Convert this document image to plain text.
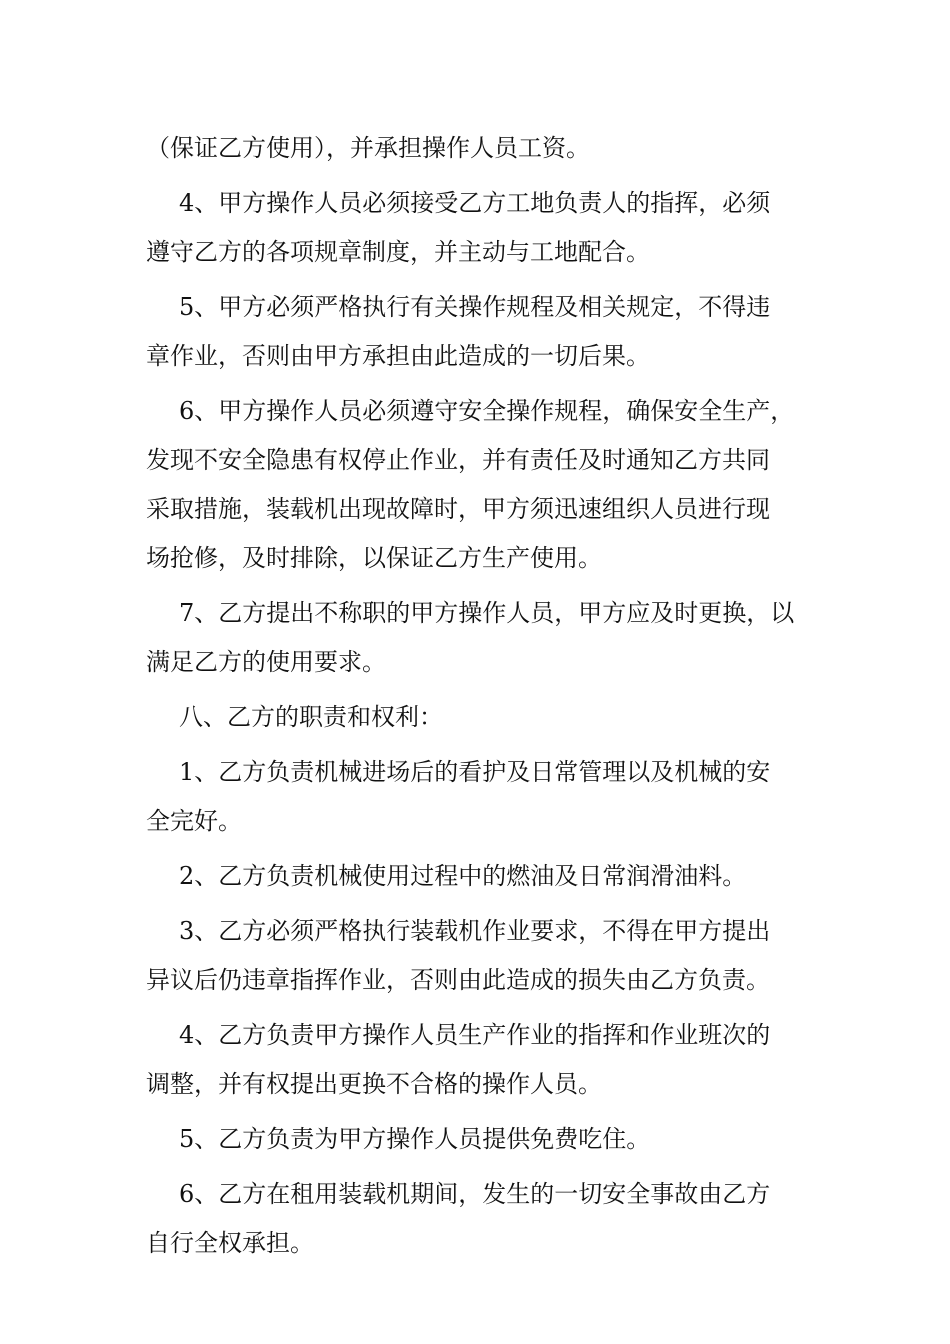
（保证乙方使用），并承担操作人员工资。

4、甲方操作人员必须接受乙方工地负责人的指挥，必须
遵守乙方的各项规章制度，并主动与工地配合。

5、甲方必须严格执行有关操作规程及相关规定，不得违
章作业，否则由甲方承担由此造成的一切后果。

6、甲方操作人员必须遵守安全操作规程，确保安全生产，
发现不安全隐患有权停止作业，并有责任及时通知乙方共同
采取措施，装载机出现故障时，甲方须迅速组织人员进行现
场抢修，及时排除，以保证乙方生产使用。

7、乙方提出不称职的甲方操作人员，甲方应及时更换，以
满足乙方的使用要求。

八、乙方的职责和权利：

1、乙方负责机械进场后的看护及日常管理以及机械的安
全完好。

2、乙方负责机械使用过程中的燃油及日常润滑油料。

3、乙方必须严格执行装载机作业要求，不得在甲方提出
异议后仍违章指挥作业，否则由此造成的损失由乙方负责。

4、乙方负责甲方操作人员生产作业的指挥和作业班次的
调整，并有权提出更换不合格的操作人员。

5、乙方负责为甲方操作人员提供免费吃住。

6、乙方在租用装载机期间，发生的一切安全事故由乙方
自行全权承担。
